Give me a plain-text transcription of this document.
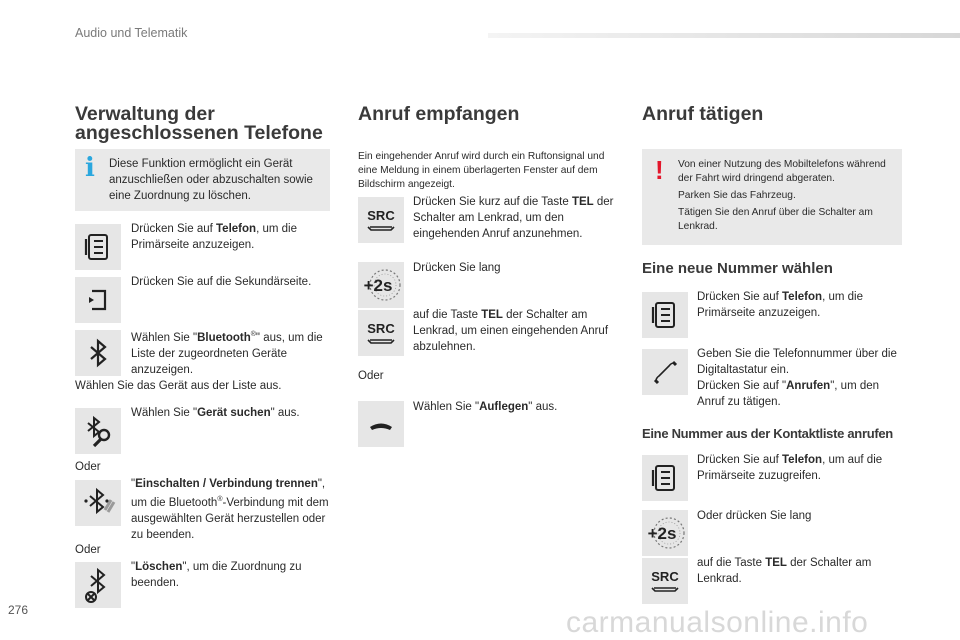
Audio und Telematik
Verwaltung der
angeschlossenen Telefone
i Diese Funktion ermöglicht ein Gerät anzuschließen oder abzuschalten sowie eine Zuordnung zu löschen.
Drücken Sie auf Telefon, um die Primärseite anzuzeigen.
Drücken Sie auf die Sekundärseite.
Wählen Sie "Bluetooth®" aus, um die Liste der zugeordneten Geräte anzuzeigen.
Wählen Sie das Gerät aus der Liste aus.
Wählen Sie "Gerät suchen" aus.
Oder
"Einschalten / Verbindung trennen", um die Bluetooth®-Verbindung mit dem ausgewählten Gerät herzustellen oder zu beenden.
Oder
"Löschen", um die Zuordnung zu beenden.
Anruf empfangen
Ein eingehender Anruf wird durch ein Ruftonsignal und eine Meldung in einem überlagerten Fenster auf dem Bildschirm angezeigt.
SRC
Drücken Sie kurz auf die Taste TEL der Schalter am Lenkrad, um den eingehenden Anruf anzunehmen.
+2s
Drücken Sie lang
SRC
auf die Taste TEL der Schalter am Lenkrad, um einen eingehenden Anruf abzulehnen.
Oder
Wählen Sie "Auflegen" aus.
Anruf tätigen
! Von einer Nutzung des Mobiltelefons während der Fahrt wird dringend abgeraten.
Parken Sie das Fahrzeug.
Tätigen Sie den Anruf über die Schalter am Lenkrad.
Eine neue Nummer wählen
Drücken Sie auf Telefon, um die Primärseite anzuzeigen.
Geben Sie die Telefonnummer über die Digitaltastatur ein.
Drücken Sie auf "Anrufen", um den Anruf zu tätigen.
Eine Nummer aus der Kontaktliste anrufen
Drücken Sie auf Telefon, um auf die Primärseite zuzugreifen.
+2s
Oder drücken Sie lang
SRC
auf die Taste TEL der Schalter am Lenkrad.
276	carmanualsonline.info
